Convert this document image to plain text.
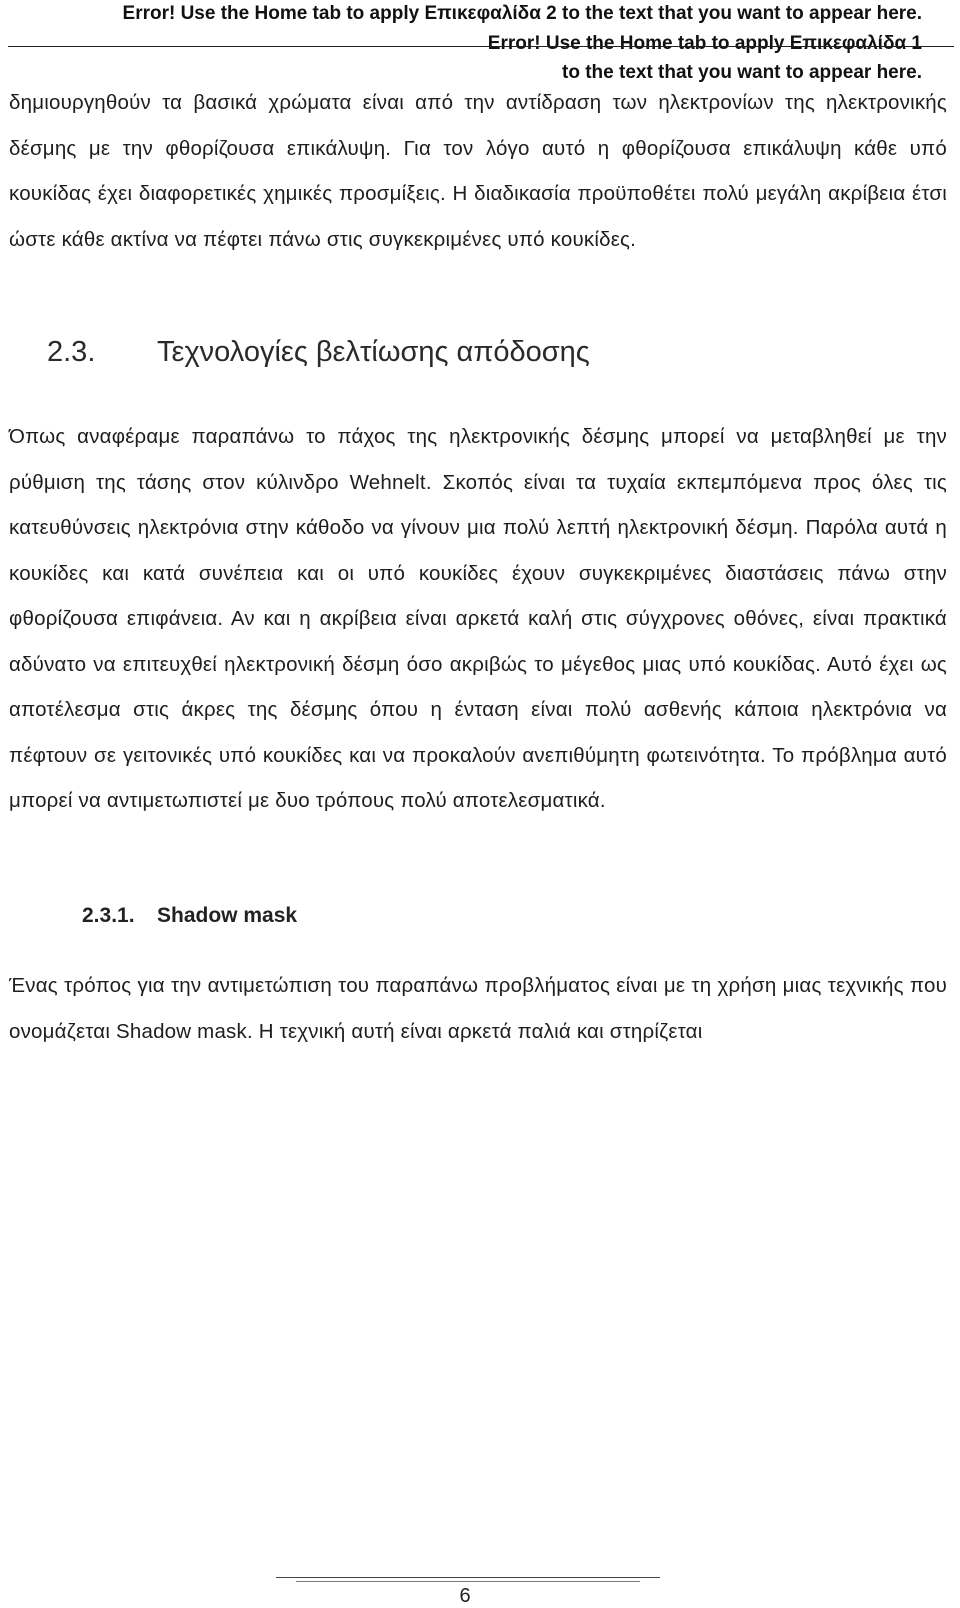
Error! Use the Home tab to apply Επικεφαλίδα 2 to the text that you want to appear here.
Error! Use the Home tab to apply Επικεφαλίδα 1
to the text that you want to appear here.
δημιουργηθούν τα βασικά χρώματα είναι από την αντίδραση των ηλεκτρονίων της ηλεκτρονικής δέσμης με την φθορίζουσα επικάλυψη. Για τον λόγο αυτό η φθορίζουσα επικάλυψη κάθε υπό κουκίδας έχει διαφορετικές χημικές προσμίξεις. Η διαδικασία προϋποθέτει πολύ μεγάλη ακρίβεια έτσι ώστε κάθε ακτίνα να πέφτει πάνω στις συγκεκριμένες υπό κουκίδες.
2.3. Τεχνολογίες βελτίωσης απόδοσης
Όπως αναφέραμε παραπάνω το πάχος της ηλεκτρονικής δέσμης μπορεί να μεταβληθεί με την ρύθμιση της τάσης στον κύλινδρο Wehnelt. Σκοπός είναι τα τυχαία εκπεμπόμενα προς όλες τις κατευθύνσεις ηλεκτρόνια στην κάθοδο να γίνουν μια πολύ λεπτή ηλεκτρονική δέσμη. Παρόλα αυτά η κουκίδες και κατά συνέπεια και οι υπό κουκίδες έχουν συγκεκριμένες διαστάσεις πάνω στην φθορίζουσα επιφάνεια. Αν και η ακρίβεια είναι αρκετά καλή στις σύγχρονες οθόνες, είναι πρακτικά αδύνατο να επιτευχθεί ηλεκτρονική δέσμη όσο ακριβώς το μέγεθος μιας υπό κουκίδας. Αυτό έχει ως αποτέλεσμα στις άκρες της δέσμης όπου η ένταση είναι πολύ ασθενής κάποια ηλεκτρόνια να πέφτουν σε γειτονικές υπό κουκίδες και να προκαλούν ανεπιθύμητη φωτεινότητα. Το πρόβλημα αυτό μπορεί να αντιμετωπιστεί με δυο τρόπους πολύ αποτελεσματικά.
2.3.1. Shadow mask
Ένας τρόπος για την αντιμετώπιση του παραπάνω προβλήματος είναι με τη χρήση μιας τεχνικής που ονομάζεται Shadow mask. Η τεχνική αυτή είναι αρκετά παλιά και στηρίζεται
6
